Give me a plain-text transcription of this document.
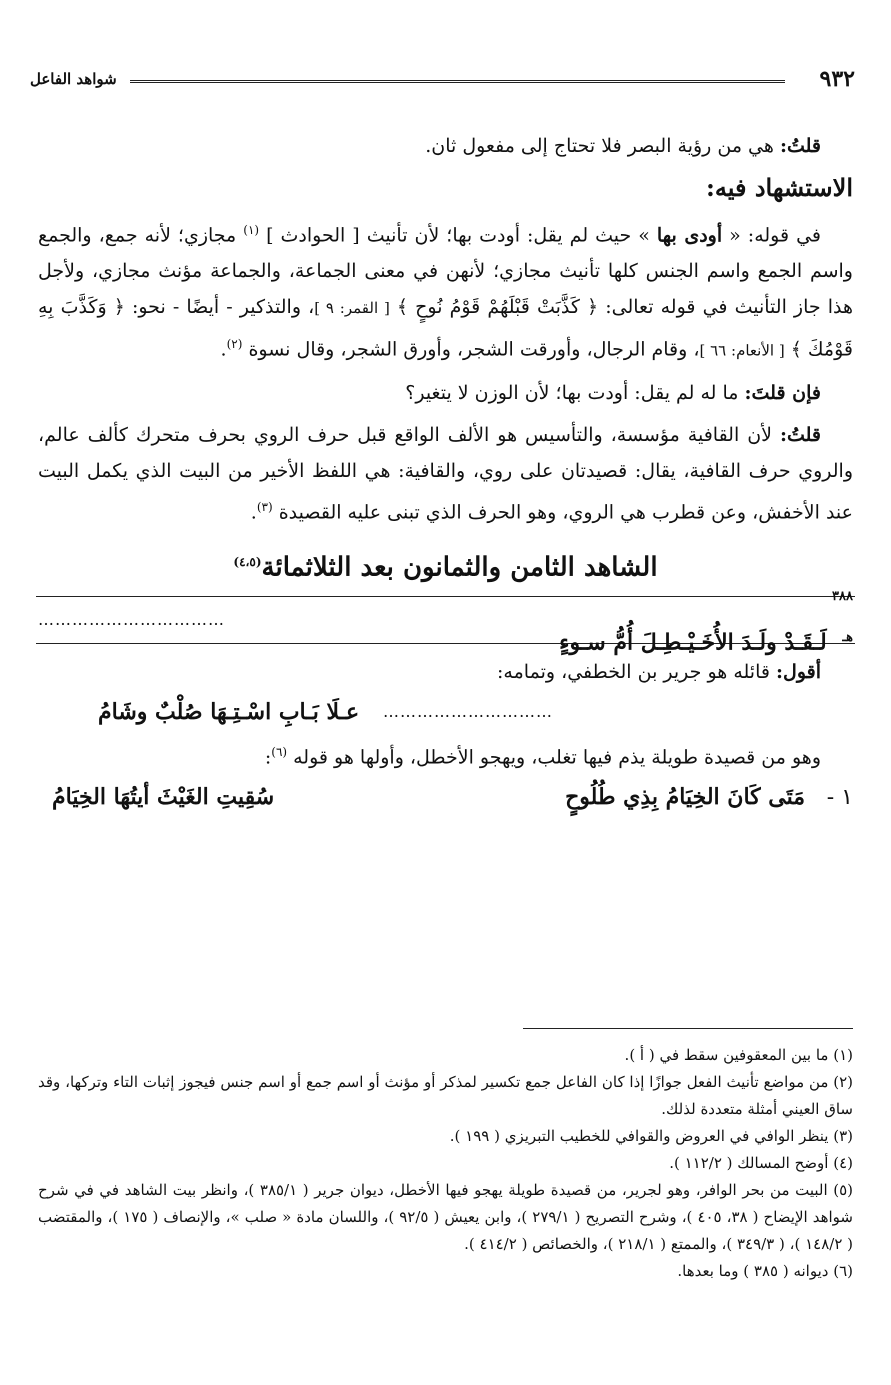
٩٣٢
شواهد الفاعل

قلتُ: هي من رؤية البصر فلا تحتاج إلى مفعول ثان.

الاستشهاد فيه:

في قوله: « أودى بها » حيث لم يقل: أودت بها؛ لأن تأنيث [ الحوادث ] $^{(١)}$ مجازي؛ لأنه جمع، والجمع واسم الجمع واسم الجنس كلها تأنيث مجازي؛ لأنهن في معنى الجماعة، والجماعة مؤنث مجازي، ولأجل هذا جاز التأنيث في قوله تعالى: ﴿ كَذَّبَتْ قَبْلَهُمْ قَوْمُ نُوحٍ ﴾ [ القمر: ٩ ]، والتذكير - أيضًا - نحو: ﴿ وَكَذَّبَ بِهِ قَوْمُكَ ﴾ [ الأنعام: ٦٦ ]، وقام الرجال، وأورقت الشجر، وأورق الشجر، وقال نسوة $^{(٢)}$.

فإن قلتَ: ما له لم يقل: أودت بها؛ لأن الوزن لا يتغير؟

قلتُ: لأن القافية مؤسسة، والتأسيس هو الألف الواقع قبل حرف الروي بحرف متحرك كألف عالم، والروي حرف القافية، يقال: قصيدتان على روي، والقافية: هي اللفظ الأخير من البيت الذي يكمل البيت عند الأخفش، وعن قطرب هي الروي، وهو الحرف الذي تبنى عليه القصيدة $^{(٣)}$.

الشاهد الثامن والثمانون بعد الثلاثمائة$^{(٤،٥)}$
$^{٣٨٨ هـ}$ لَـقَـدْ ولَـدَ الأُخَـيْـطِـلَ أُمُّ سـوءٍ
……………………………

أقول: قائله هو جرير بن الخطفي، وتمامه:

…………………………
عـلَا بَـابِ اسْـتِـهَا صُلْبٌ وشَامُ

وهو من قصيدة طويلة يذم فيها تغلب، ويهجو الأخطل، وأولها هو قوله $^{(٦)}$:

١ - مَتَى كَانَ الخِيَامُ بِذِي طُلُوحٍ
سُقِيتِ الغَيْثَ أيتُهَا الخِيَامُ

(١) ما بين المعقوفين سقط في ( أ ).

(٢) من مواضع تأنيث الفعل جوازًا إذا كان الفاعل جمع تكسير لمذكر أو مؤنث أو اسم جمع أو اسم جنس فيجوز إثبات التاء وتركها، وقد ساق العيني أمثلة متعددة لذلك.

(٣) ينظر الوافي في العروض والقوافي للخطيب التبريزي ( ١٩٩ ).

(٤) أوضح المسالك ( ١١٢/٢ ).

(٥) البيت من بحر الوافر، وهو لجرير، من قصيدة طويلة يهجو فيها الأخطل، ديوان جرير ( ٣٨٥/١ )، وانظر بيت الشاهد في في شرح شواهد الإيضاح ( ٣٨، ٤٠٥ )، وشرح التصريح ( ٢٧٩/١ )، وابن يعيش ( ٩٢/٥ )، واللسان مادة « صلب »، والإنصاف ( ١٧٥ )، والمقتضب ( ١٤٨/٢ )، ( ٣٤٩/٣ )، والممتع ( ٢١٨/١ )، والخصائص ( ٤١٤/٢ ).

(٦) ديوانه ( ٣٨٥ ) وما بعدها.
